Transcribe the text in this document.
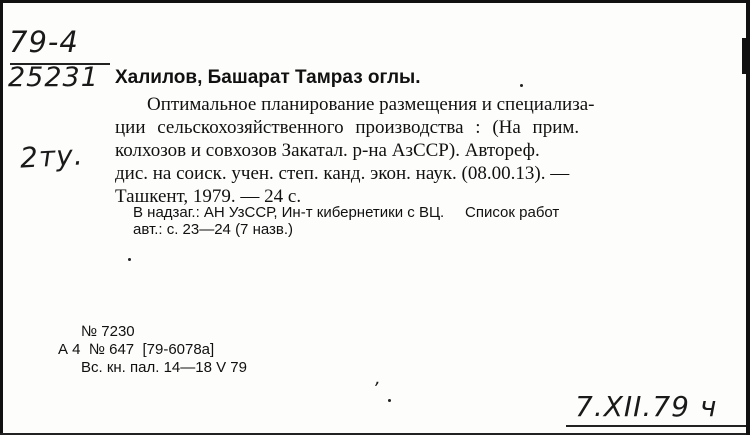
79-4
25231
2ту.
,
Халилов, Башарат Тамраз оглы.
Оптимальное планирование размещения и специализа-
ции сельскохозяйственного производства : (На прим.
колхозов и совхозов Закатал. р-на АзССР). Автореф.
дис. на соиск. учен. степ. канд. экон. наук. (08.00.13). —
Ташкент, 1979. — 24 с.
В надзаг.: АН УзССР, Ин-т кибернетики с ВЦ.     Список работ
авт.: с. 23—24 (7 назв.)
№ 7230
А 4  № 647  [79-6078а]
Вс. кн. пал. 14—18 V 79
7.XII.79 ч
